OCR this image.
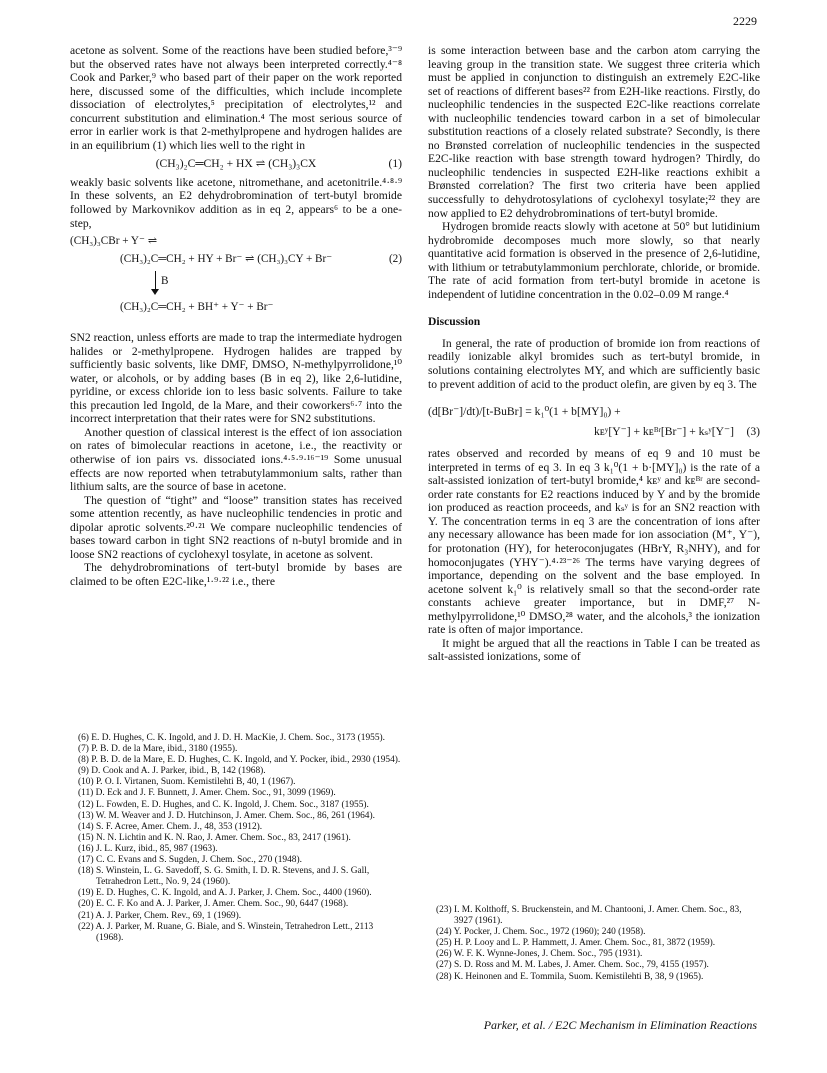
2229

acetone as solvent. Some of the reactions have been studied before,³⁻⁹ but the observed rates have not always been interpreted correctly.⁴⁻⁸ Cook and Parker,⁹ who based part of their paper on the work reported here, discussed some of the difficulties, which include incomplete dissociation of electrolytes,⁵ precipitation of electrolytes,¹² and concurrent substitution and elimination.⁴ The most serious source of error in earlier work is that 2-methylpropene and hydrogen halides are in an equilibrium (1) which lies well to the right in

(CH₃)₂C═CH₂ + HX ⇌ (CH₃)₃CX	(1)

weakly basic solvents like acetone, nitromethane, and acetonitrile.⁴·⁸·⁹ In these solvents, an E2 dehydrobromination of tert-butyl bromide followed by Markovnikov addition as in eq 2, appears⁶ to be a one-step,

(CH₃)₃CBr + Y⁻ ⇌
(CH₃)₂C═CH₂ + HY + Br⁻ ⇌ (CH₃)₃CY + Br⁻	(2)
B
(CH₃)₂C═CH₂ + BH⁺ + Y⁻ + Br⁻

SN2 reaction, unless efforts are made to trap the intermediate hydrogen halides or 2-methylpropene. Hydrogen halides are trapped by sufficiently basic solvents, like DMF, DMSO, N-methylpyrrolidone,¹⁰ water, or alcohols, or by adding bases (B in eq 2), like 2,6-lutidine, pyridine, or excess chloride ion to less basic solvents. Failure to take this precaution led Ingold, de la Mare, and their coworkers⁶·⁷ into the incorrect interpretation that their rates were for SN2 substitutions.

Another question of classical interest is the effect of ion association on rates of bimolecular reactions in acetone, i.e., the reactivity or otherwise of ion pairs vs. dissociated ions.⁴·⁵·⁹·¹⁶⁻¹⁹ Some unusual effects are now reported when tetrabutylammonium salts, rather than lithium salts, are the source of base in acetone.

The question of “tight” and “loose” transition states has received some attention recently, as have nucleophilic tendencies in protic and dipolar aprotic solvents.²⁰·²¹ We compare nucleophilic tendencies of bases toward carbon in tight SN2 reactions of n-butyl bromide and in loose SN2 reactions of cyclohexyl tosylate, in acetone as solvent.

The dehydrobrominations of tert-butyl bromide by bases are claimed to be often E2C-like,¹·⁹·²² i.e., there

is some interaction between base and the carbon atom carrying the leaving group in the transition state. We suggest three criteria which must be applied in conjunction to distinguish an extremely E2C-like set of reactions of different bases²² from E2H-like reactions. Firstly, do nucleophilic tendencies in the suspected E2C-like reactions correlate with nucleophilic tendencies toward carbon in a set of bimolecular substitution reactions of a closely related substrate? Secondly, is there no Brønsted correlation of nucleophilic tendencies in the suspected E2C-like reaction with base strength toward hydrogen? Thirdly, do nucleophilic tendencies in suspected E2H-like reactions exhibit a Brønsted correlation? The first two criteria have been applied successfully to dehydrotosylations of cyclohexyl tosylate;²² they are now applied to E2 dehydrobrominations of tert-butyl bromide.

Hydrogen bromide reacts slowly with acetone at 50° but lutidinium hydrobromide decomposes much more slowly, so that nearly quantitative acid formation is observed in the presence of 2,6-lutidine, with lithium or tetrabutylammonium perchlorate, chloride, or bromide. The rate of acid formation from tert-butyl bromide in acetone is independent of lutidine concentration in the 0.02–0.09 M range.⁴

Discussion

In general, the rate of production of bromide ion from reactions of readily ionizable alkyl bromides such as tert-butyl bromide, in solutions containing electrolytes MY, and which are sufficiently basic to prevent addition of acid to the product olefin, are given by eq 3. The

(d[Br⁻]/dt)/[t-BuBr] = k₁⁰(1 + b[MY]₀) +
kᴇʸ[Y⁻] + kᴇᴮʳ[Br⁻] + kₛʸ[Y⁻] (3)

rates observed and recorded by means of eq 9 and 10 must be interpreted in terms of eq 3. In eq 3 k₁⁰(1 + b·[MY]₀) is the rate of a salt-assisted ionization of tert-butyl bromide,⁴ kᴇʸ and kᴇᴮʳ are second-order rate constants for E2 reactions induced by Y and by the bromide ion produced as reaction proceeds, and kₛʸ is for an SN2 reaction with Y. The concentration terms in eq 3 are the concentration of ions after any necessary allowance has been made for ion association (M⁺, Y⁻), for protonation (HY), for heteroconjugates (HBrY, R₃NHY), and for homoconjugates (YHY⁻).⁴·²³⁻²⁶ The terms have varying degrees of importance, depending on the solvent and the base employed. In acetone solvent k₁⁰ is relatively small so that the second-order rate constants achieve greater importance, but in DMF,²⁷ N-methylpyrrolidone,¹⁰ DMSO,²⁸ water, and the alcohols,³ the ionization rate is often of major importance.

It might be argued that all the reactions in Table I can be treated as salt-assisted ionizations, some of

(6) E. D. Hughes, C. K. Ingold, and J. D. H. MacKie, J. Chem. Soc., 3173 (1955).

(7) P. B. D. de la Mare, ibid., 3180 (1955).

(8) P. B. D. de la Mare, E. D. Hughes, C. K. Ingold, and Y. Pocker, ibid., 2930 (1954).

(9) D. Cook and A. J. Parker, ibid., B, 142 (1968).

(10) P. O. I. Virtanen, Suom. Kemistilehti B, 40, 1 (1967).

(11) D. Eck and J. F. Bunnett, J. Amer. Chem. Soc., 91, 3099 (1969).

(12) L. Fowden, E. D. Hughes, and C. K. Ingold, J. Chem. Soc., 3187 (1955).

(13) W. M. Weaver and J. D. Hutchinson, J. Amer. Chem. Soc., 86, 261 (1964).

(14) S. F. Acree, Amer. Chem. J., 48, 353 (1912).

(15) N. N. Lichtin and K. N. Rao, J. Amer. Chem. Soc., 83, 2417 (1961).

(16) J. L. Kurz, ibid., 85, 987 (1963).

(17) C. C. Evans and S. Sugden, J. Chem. Soc., 270 (1948).

(18) S. Winstein, L. G. Savedoff, S. G. Smith, I. D. R. Stevens, and J. S. Gall, Tetrahedron Lett., No. 9, 24 (1960).

(19) E. D. Hughes, C. K. Ingold, and A. J. Parker, J. Chem. Soc., 4400 (1960).

(20) E. C. F. Ko and A. J. Parker, J. Amer. Chem. Soc., 90, 6447 (1968).

(21) A. J. Parker, Chem. Rev., 69, 1 (1969).

(22) A. J. Parker, M. Ruane, G. Biale, and S. Winstein, Tetrahedron Lett., 2113 (1968).

(23) I. M. Kolthoff, S. Bruckenstein, and M. Chantooni, J. Amer. Chem. Soc., 83, 3927 (1961).

(24) Y. Pocker, J. Chem. Soc., 1972 (1960); 240 (1958).

(25) H. P. Looy and L. P. Hammett, J. Amer. Chem. Soc., 81, 3872 (1959).

(26) W. F. K. Wynne-Jones, J. Chem. Soc., 795 (1931).

(27) S. D. Ross and M. M. Labes, J. Amer. Chem. Soc., 79, 4155 (1957).

(28) K. Heinonen and E. Tommila, Suom. Kemistilehti B, 38, 9 (1965).

Parker, et al. / E2C Mechanism in Elimination Reactions
